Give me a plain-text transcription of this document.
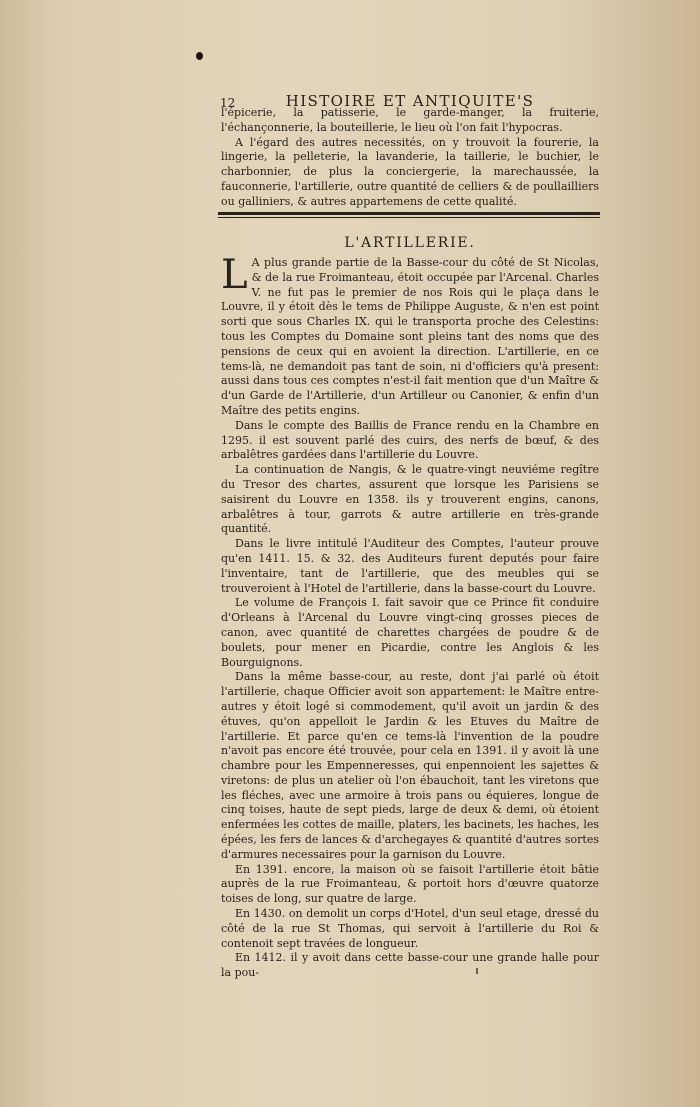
12	HISTOIRE ET ANTIQUITE'S

l'épicerie, la patisserie, le garde-manger, la fruiterie, l'échançonnerie, la bouteillerie, le lieu où l'on fait l'hypocras.

A l'égard des autres necessités, on y trouvoit la fourerie, la lingerie, la pelleterie, la lavanderie, la taillerie, le buchier, le charbonnier, de plus la conciergerie, la marechaussée, la fauconnerie, l'artillerie, outre quantité de celliers & de poullailliers ou galliniers, & autres appartemens de cette qualité.

L'ARTILLERIE.

L A plus grande partie de la Basse-cour du côté de St Nicolas, & de la rue Froimanteau, étoit occupée par l'Arcenal. Charles V. ne fut pas le premier de nos Rois qui le plaça dans le Louvre, il y étoit dès le tems de Philippe Auguste, & n'en est point sorti que sous Charles IX. qui le transporta proche des Celestins: tous les Comptes du Domaine sont pleins tant des noms que des pensions de ceux qui en avoient la direction. L'artillerie, en ce tems-là, ne demandoit pas tant de soin, ni d'officiers qu'à present: aussi dans tous ces comptes n'est-il fait mention que d'un Maître & d'un Garde de l'Artillerie, d'un Artilleur ou Canonier, & enfin d'un Maître des petits engins.

Dans le compte des Baillis de France rendu en la Chambre en 1295. il est souvent parlé des cuirs, des nerfs de bœuf, & des arbalêtres gardées dans l'artillerie du Louvre.

La continuation de Nangis, & le quatre-vingt neuviéme regître du Tresor des chartes, assurent que lorsque les Parisiens se saisirent du Louvre en 1358. ils y trouverent engins, canons, arbalêtres à tour, garrots & autre artillerie en très-grande quantité.

Dans le livre intitulé l'Auditeur des Comptes, l'auteur prouve qu'en 1411. 15. & 32. des Auditeurs furent deputés pour faire l'inventaire, tant de l'artillerie, que des meubles qui se trouveroient à l'Hotel de l'artillerie, dans la basse-court du Louvre.

Le volume de François I. fait savoir que ce Prince fit conduire d'Orleans à l'Arcenal du Louvre vingt-cinq grosses pieces de canon, avec quantité de charettes chargées de poudre & de boulets, pour mener en Picardie, contre les Anglois & les Bourguignons.

Dans la même basse-cour, au reste, dont j'ai parlé où étoit l'artillerie, chaque Officier avoit son appartement: le Maître entre-autres y étoit logé si commodement, qu'il avoit un jardin & des étuves, qu'on appelloit le Jardin & les Etuves du Maître de l'artillerie. Et parce qu'en ce tems-là l'invention de la poudre n'avoit pas encore été trouvée, pour cela en 1391. il y avoit là une chambre pour les Empenneresses, qui enpennoient les sajettes & viretons: de plus un atelier où l'on ébauchoit, tant les viretons que les fléches, avec une armoire à trois pans ou équieres, longue de cinq toises, haute de sept pieds, large de deux & demi, où étoient enfermées les cottes de maille, platers, les bacinets, les haches, les épées, les fers de lances & d'archegayes & quantité d'autres sortes d'armures necessaires pour la garnison du Louvre.

En 1391. encore, la maison où se faisoit l'artillerie étoit bâtie auprès de la rue Froimanteau, & portoit hors d'œuvre quatorze toises de long, sur quatre de large.

En 1430. on demolit un corps d'Hotel, d'un seul etage, dressé du côté de la rue St Thomas, qui servoit à l'artillerie du Roi & contenoit sept travées de longueur.

En 1412. il y avoit dans cette basse-cour une grande halle pour la pou-
